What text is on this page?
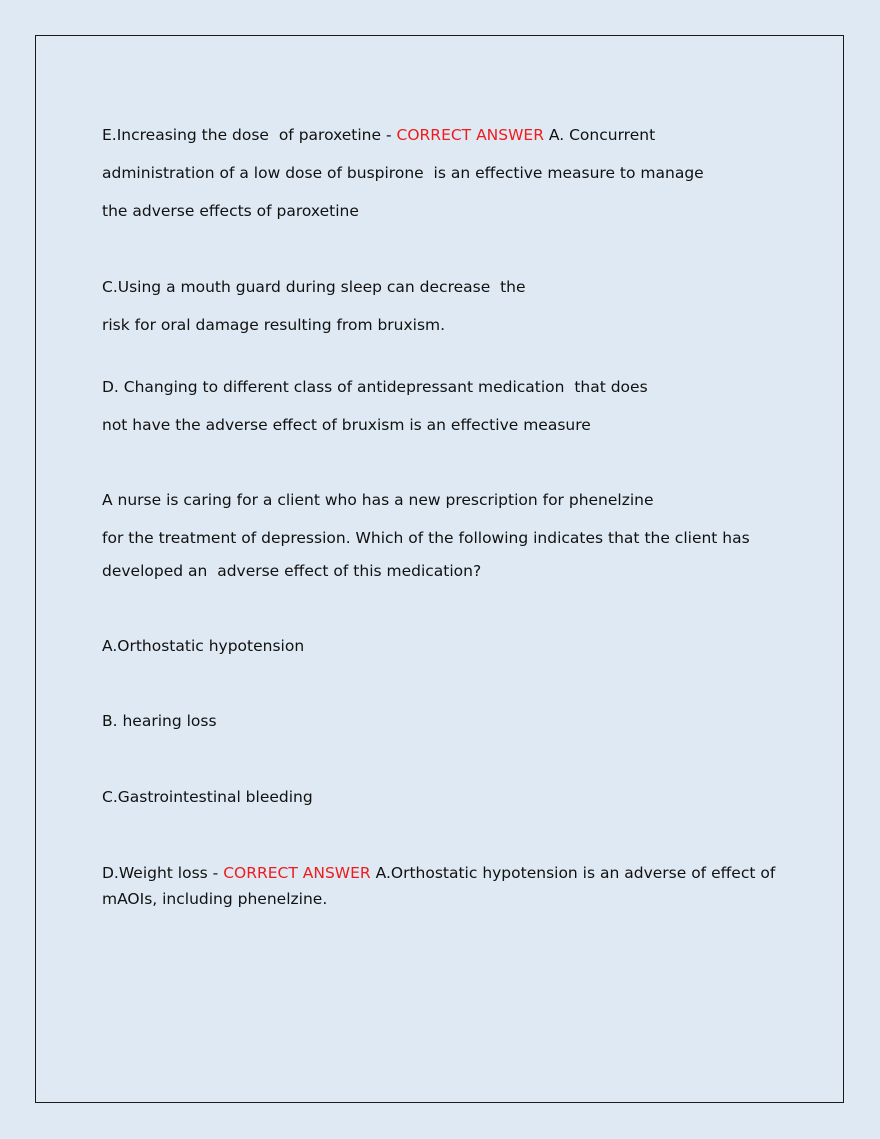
E.Increasing the dose  of paroxetine - CORRECT ANSWER A. Concurrent
administration of a low dose of buspirone  is an effective measure to manage
the adverse effects of paroxetine
C.Using a mouth guard during sleep can decrease  the
risk for oral damage resulting from bruxism.
D. Changing to different class of antidepressant medication  that does
not have the adverse effect of bruxism is an effective measure
A nurse is caring for a client who has a new prescription for phenelzine
for the treatment of depression. Which of the following indicates that the client has
developed an  adverse effect of this medication?
A.Orthostatic hypotension
B. hearing loss
C.Gastrointestinal bleeding
D.Weight loss - CORRECT ANSWER A.Orthostatic hypotension is an adverse of effect of
mAOIs, including phenelzine.
